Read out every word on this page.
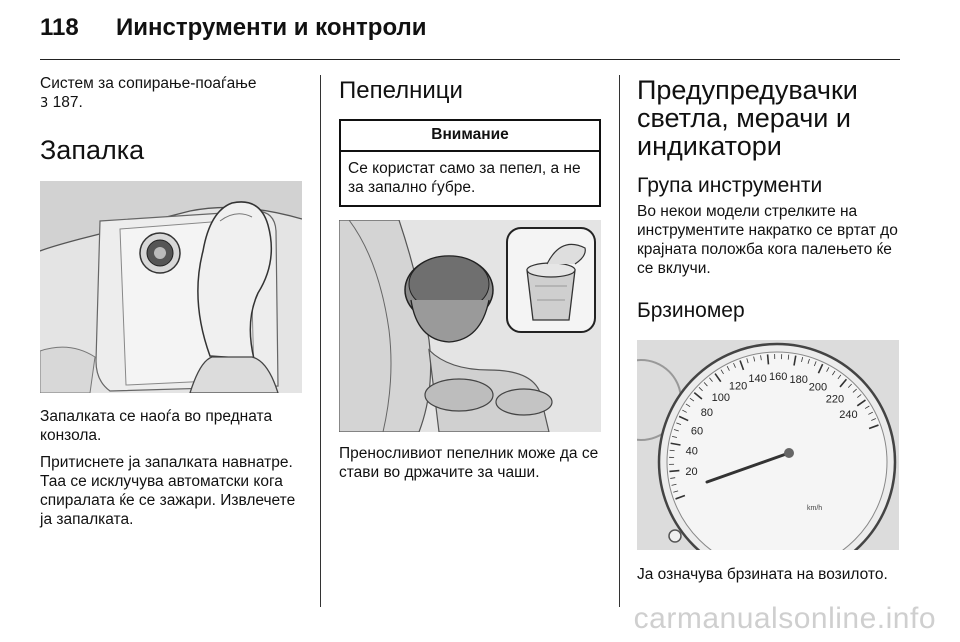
118 Иинструменти и контроли

Систем за сопирање-поаѓање
3 187.

Запалка

Запалката се наоѓа во предната конзола.

Притиснете ја запалката навнатре. Таа се исклучува автоматски кога спиралата ќе се зажари. Извлечете ја запалката.

Пепелници
Внимание
Се користат само за пепел, а не за запално ѓубре.

Преносливиот пепелник може да се стави во држачите за чаши.

Предупредувачки светла, мерачи и индикатори
Група инструменти

Во некои модели стрелките на инструментите накратко се вртат до крајната положба кога палењето ќе се вклучи.

Брзиномер
20
40
60
80
100
120
140 160 180
200
220
240
km/h

Ја означува брзината на возилото.

carmanualsonline.info
